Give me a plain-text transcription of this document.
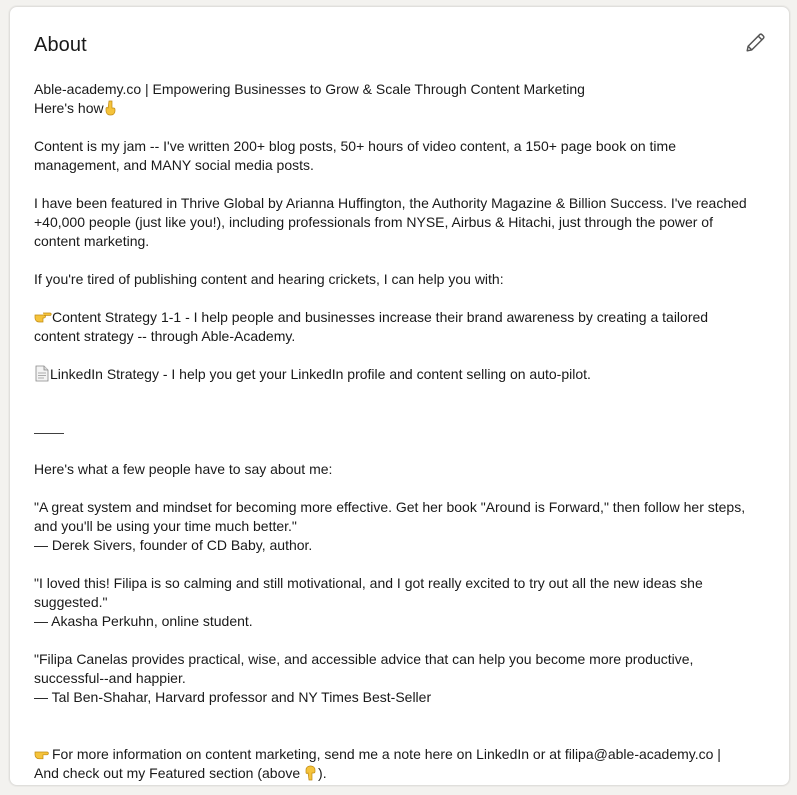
About

Able-academy.co | Empowering Businesses to Grow & Scale Through Content Marketing

Here's how

Content is my jam -- I've written 200+ blog posts, 50+ hours of video content, a 150+ page book on time management, and MANY social media posts.

I have been featured in Thrive Global by Arianna Huffington, the Authority Magazine & Billion Success. I've reached +40,000 people (just like you!), including professionals from NYSE, Airbus & Hitachi, just through the power of content marketing.

If you're tired of publishing content and hearing crickets, I can help you with:

Content Strategy 1-1 - I help people and businesses increase their brand awareness by creating a tailored content strategy -- through Able-Academy.

LinkedIn Strategy - I help you get your LinkedIn profile and content selling on auto-pilot.

Here's what a few people have to say about me:

"A great system and mindset for becoming more effective. Get her book "Around is Forward," then follow her steps, and you'll be using your time much better."

— Derek Sivers, founder of CD Baby, author.

"I loved this! Filipa is so calming and still motivational, and I got really excited to try out all the new ideas she suggested."

— Akasha Perkuhn, online student.

"Filipa Canelas provides practical, wise, and accessible advice that can help you become more productive, successful--and happier.

— Tal Ben-Shahar, Harvard professor and NY Times Best-Seller

For more information on content marketing, send me a note here on LinkedIn or at filipa@able-academy.co |

And check out my Featured section (above ).
